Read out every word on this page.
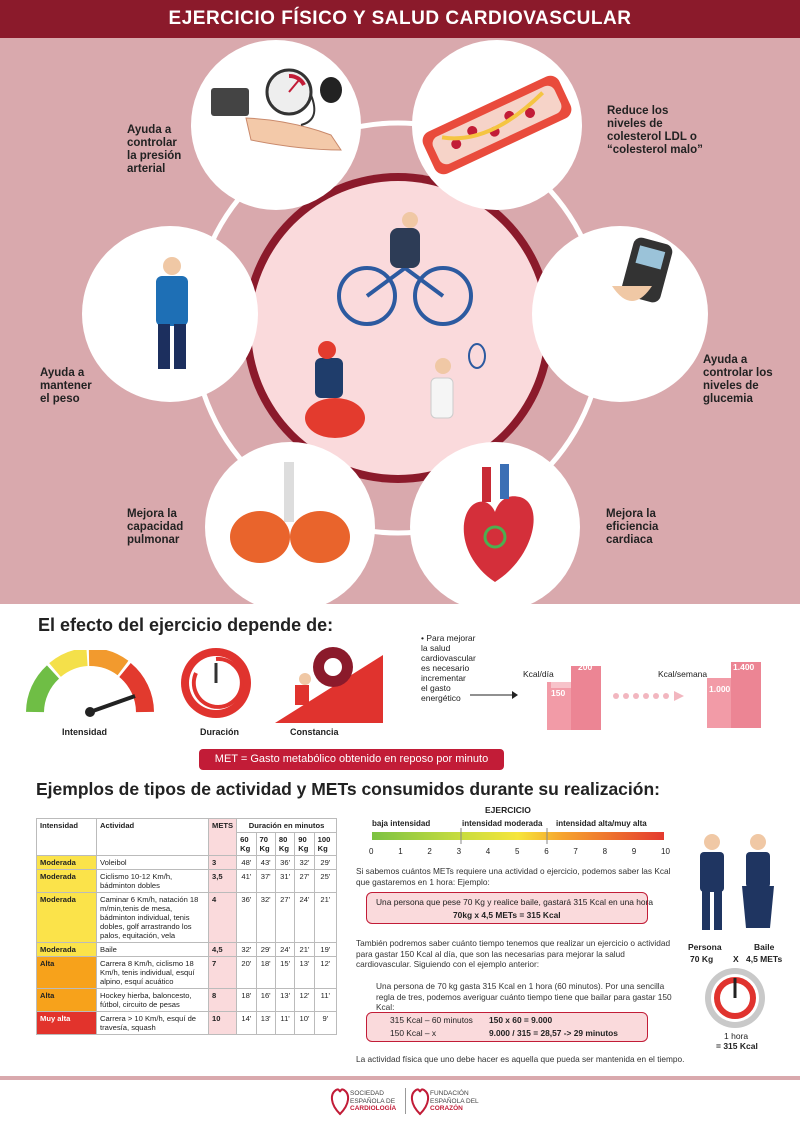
EJERCICIO FÍSICO Y SALUD CARDIOVASCULAR
Ayuda a
controlar
la presión
arterial
Reduce los
niveles de
colesterol LDL o
“colesterol malo”
Ayuda a
mantener
el peso
Ayuda a
controlar los
niveles de
glucemia
Mejora la
capacidad
pulmonar
Mejora la
eficiencia
cardiaca
El efecto del ejercicio depende de:
Intensidad	Duración	Constancia
• Para mejorar
la salud
cardiovascular
es necesario
incrementar
el gasto
energético
Kcal/día
150
200
Kcal/semana
1.000
1.400
MET = Gasto metabólico obtenido en reposo por minuto
Ejemplos de tipos de actividad y METs consumidos durante su realización:
Intensidad	Actividad	METS	Duración en minutos				
			60 Kg	70 Kg	80 Kg	90 Kg	100 Kg
Moderada	Voleibol	3	48'	43'	36'	32'	29'
Moderada	Ciclismo 10-12 Km/h, bádminton dobles	3,5	41'	37'	31'	27'	25'
Moderada	Caminar 6 Km/h, natación 18 m/min,tenis de mesa, bádminton individual, tenis dobles, golf arrastrando los palos, equitación, vela	4	36'	32'	27'	24'	21'
Moderada	Baile	4,5	32'	29'	24'	21'	19'
Alta	Carrera 8 Km/h, ciclismo 18 Km/h, tenis individual, esquí alpino, esquí acuático	7	20'	18'	15'	13'	12'
Alta	Hockey hierba, baloncesto, fútbol, circuito de pesas	8	18'	16'	13'	12'	11'
Muy alta	Carrera > 10 Km/h, esquí de travesía, squash	10	14'	13'	11'	10'	9'
EJERCICIO
baja intensidad	intensidad moderada intensidad alta/muy alta
0	1	2	3	4	5	6	7	8	9	10
Si sabemos cuántos METs requiere una actividad o ejercicio, podemos saber las Kcal que gastaremos en 1 hora: Ejemplo:
Una persona que pese 70 Kg y realice baile, gastará 315 Kcal en una hora
70kg x 4,5 METs = 315 Kcal
También podremos saber cuánto tiempo tenemos que realizar un ejercicio o actividad para gastar 150 Kcal al día, que son las necesarias para mejorar la salud cardiovascular. Siguiendo con el ejemplo anterior:
Una persona de 70 kg gasta 315 Kcal en 1 hora (60 minutos). Por una sencilla regla de tres, podemos averiguar cuánto tiempo tiene que bailar para gastar 150 Kcal:
315 Kcal – 60 minutos 150 x 60 = 9.000
150 Kcal – x	9.000 / 315 = 28,57 -> 29 minutos
La actividad física que uno debe hacer es aquella que pueda ser mantenida en el tiempo.
Persona
70 Kg X
Baile
4,5 METs
1 hora
= 315 Kcal
SOCIEDAD
ESPAÑOLA DE
CARDIOLOGÍA
FUNDACIÓN
ESPAÑOLA DEL
CORAZÓN
